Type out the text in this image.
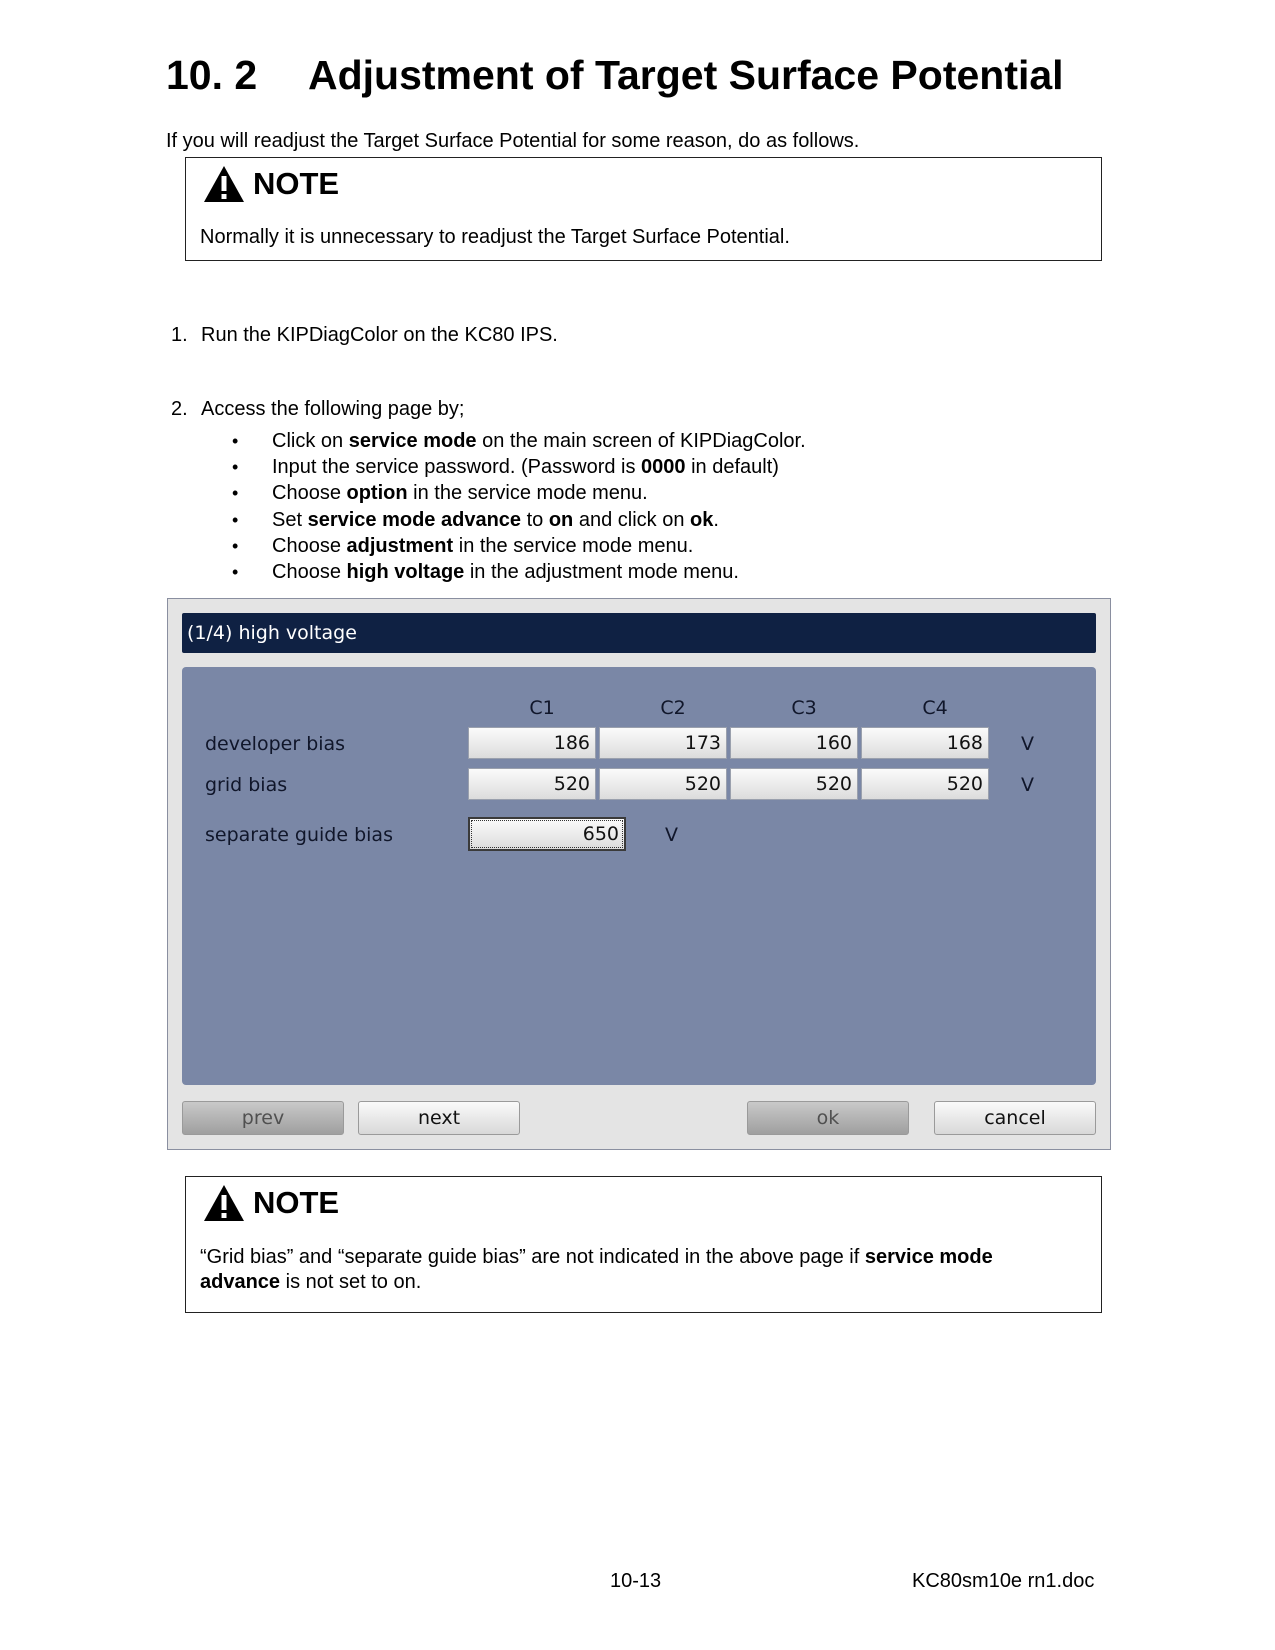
10. 2 Adjustment of Target Surface Potential
If you will readjust the Target Surface Potential for some reason, do as follows.
NOTE
Normally it is unnecessary to readjust the Target Surface Potential.
1. Run the KIPDiagColor on the KC80 IPS.
2. Access the following page by;
• Click on service mode on the main screen of KIPDiagColor.
• Input the service password. (Password is 0000 in default)
• Choose option in the service mode menu.
• Set service mode advance to on and click on ok.
• Choose adjustment in the service mode menu.
• Choose high voltage in the adjustment mode menu.
(1/4) high voltage
C1	C2	C3	C4
developer bias	186	173	160	168	V
grid bias	520	520	520	520	V
separate guide bias	650	V
prev	next	ok	cancel
NOTE
“Grid bias” and “separate guide bias” are not indicated in the above page if service mode advance is not set to on.
10-13	KC80sm10e rn1.doc
